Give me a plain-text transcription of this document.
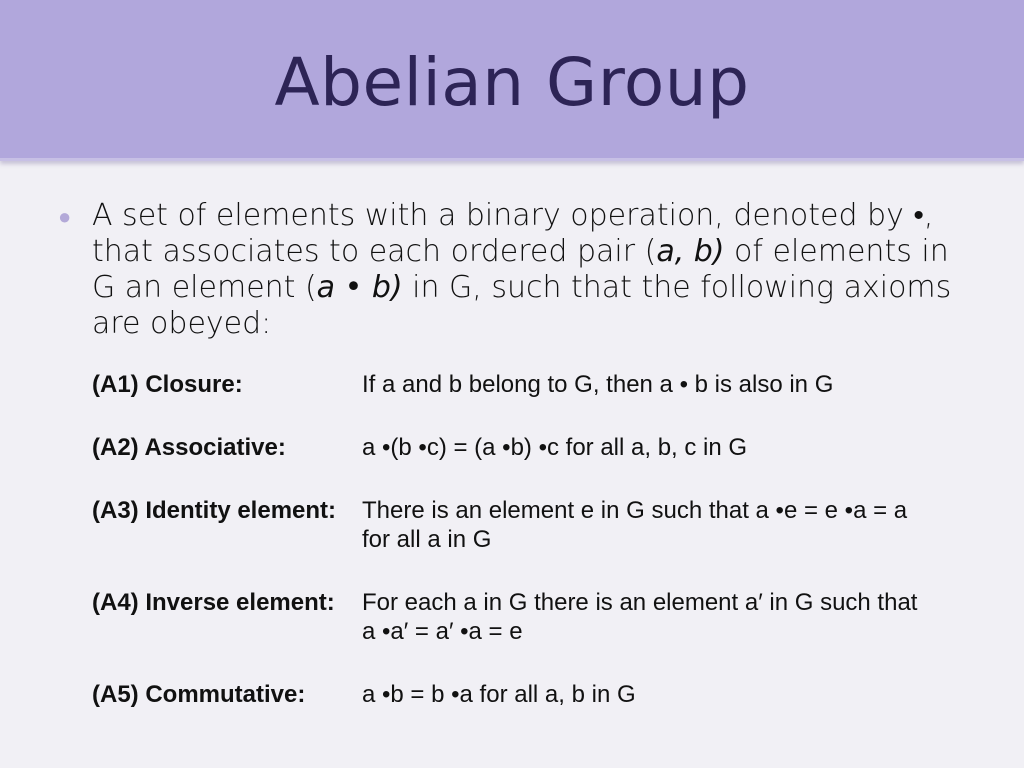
Abelian Group
● A set of elements with a binary operation, denoted by •, that associates to each ordered pair (a, b) of elements in G an element (a • b) in G, such that the following axioms are obeyed:
(A1) Closure:	If a and b belong to G, then a • b is also in G
(A2) Associative:	a •(b •c) = (a •b) •c for all a, b, c in G
(A3) Identity element:	There is an element e in G such that a •e = e •a = a
for all a in G
(A4) Inverse element:	For each a in G there is an element a′ in G such that
a •a′ = a′ •a = e
(A5) Commutative:	a •b = b •a for all a, b in G
